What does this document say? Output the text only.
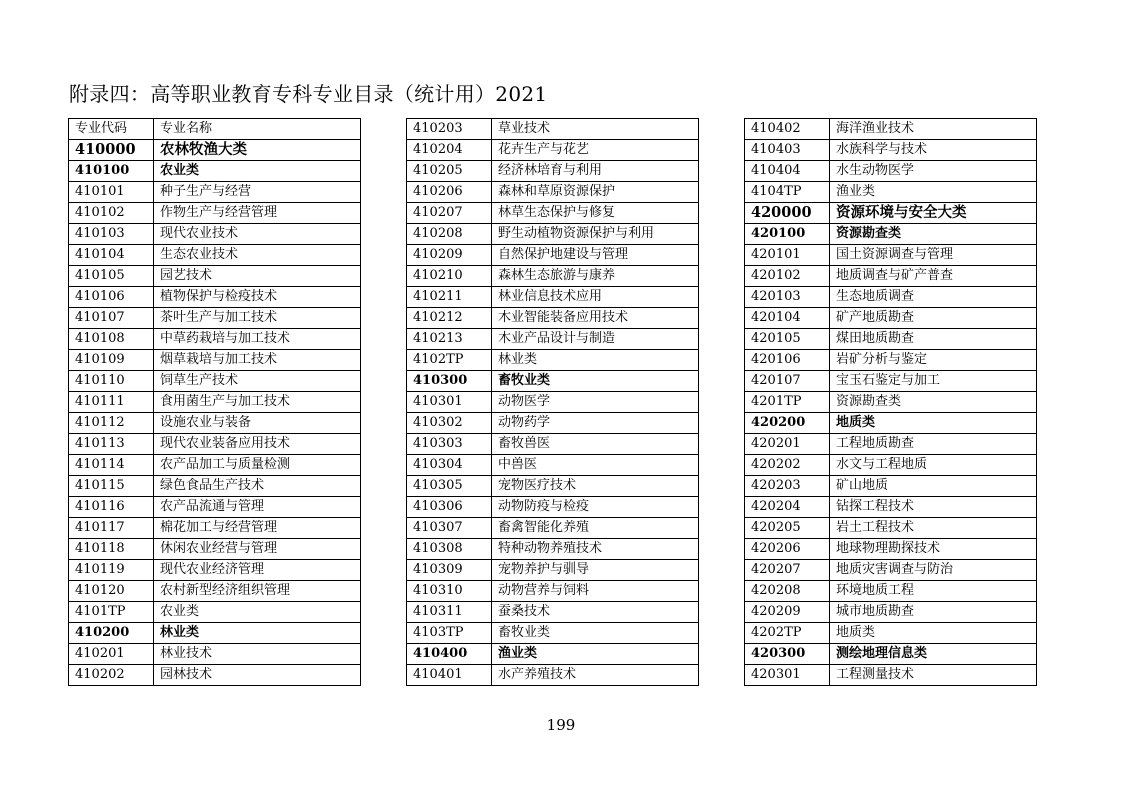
附录四：高等职业教育专科专业目录（统计用）2021
专业代码	专业名称
410000	农林牧渔大类
410100	农业类
410101	种子生产与经营
410102	作物生产与经营管理
410103	现代农业技术
410104	生态农业技术
410105	园艺技术
410106	植物保护与检疫技术
410107	茶叶生产与加工技术
410108	中草药栽培与加工技术
410109	烟草栽培与加工技术
410110	饲草生产技术
410111	食用菌生产与加工技术
410112	设施农业与装备
410113	现代农业装备应用技术
410114	农产品加工与质量检测
410115	绿色食品生产技术
410116	农产品流通与管理
410117	棉花加工与经营管理
410118	休闲农业经营与管理
410119	现代农业经济管理
410120	农村新型经济组织管理
4101TP	农业类
410200	林业类
410201	林业技术
410202	园林技术
410203	草业技术
410204	花卉生产与花艺
410205	经济林培育与利用
410206	森林和草原资源保护
410207	林草生态保护与修复
410208	野生动植物资源保护与利用
410209	自然保护地建设与管理
410210	森林生态旅游与康养
410211	林业信息技术应用
410212	木业智能装备应用技术
410213	木业产品设计与制造
4102TP	林业类
410300	畜牧业类
410301	动物医学
410302	动物药学
410303	畜牧兽医
410304	中兽医
410305	宠物医疗技术
410306	动物防疫与检疫
410307	畜禽智能化养殖
410308	特种动物养殖技术
410309	宠物养护与驯导
410310	动物营养与饲料
410311	蚕桑技术
4103TP	畜牧业类
410400	渔业类
410401	水产养殖技术
410402	海洋渔业技术
410403	水族科学与技术
410404	水生动物医学
4104TP	渔业类
420000	资源环境与安全大类
420100	资源勘查类
420101	国土资源调查与管理
420102	地质调查与矿产普查
420103	生态地质调查
420104	矿产地质勘查
420105	煤田地质勘查
420106	岩矿分析与鉴定
420107	宝玉石鉴定与加工
4201TP	资源勘查类
420200	地质类
420201	工程地质勘查
420202	水文与工程地质
420203	矿山地质
420204	钻探工程技术
420205	岩土工程技术
420206	地球物理勘探技术
420207	地质灾害调查与防治
420208	环境地质工程
420209	城市地质勘查
4202TP	地质类
420300	测绘地理信息类
420301	工程测量技术
199
